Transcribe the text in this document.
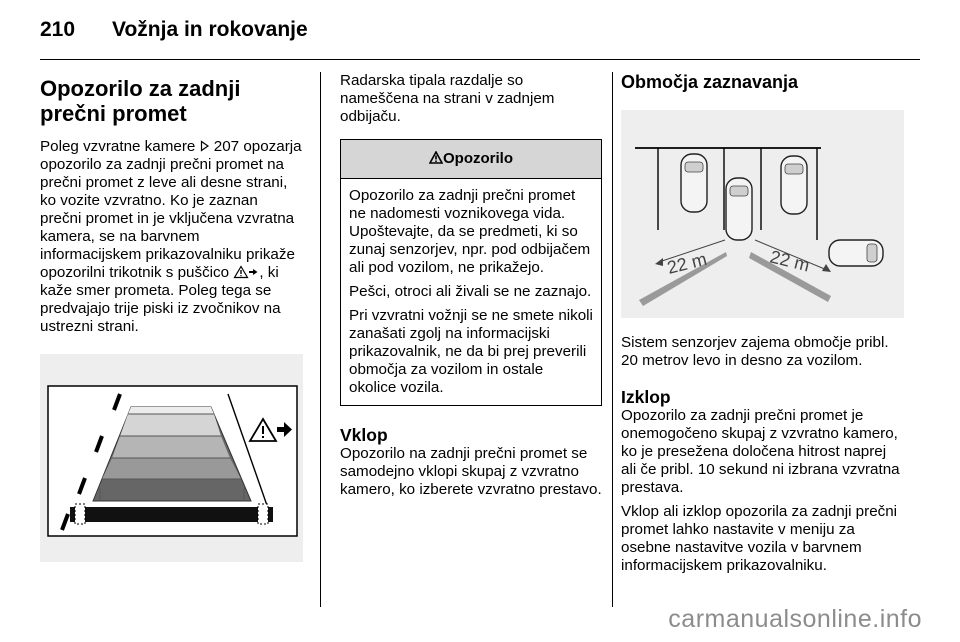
210 Vožnja in rokovanje
Opozorilo za zadnji prečni promet

Poleg vzvratne kamere  207 opozarja opozorilo za zadnji prečni promet na prečni promet z leve ali desne strani, ko vozite vzvratno. Ko je zaznan prečni promet in je vključena vzvratna kamera, se na barvnem informacijskem prikazovalniku prikaže opozorilni trikotnik s puščico , ki kaže smer prometa. Poleg tega se predvajajo trije piski iz zvočnikov na ustrezni strani.

Radarska tipala razdalje so nameščena na strani v zadnjem odbijaču.

Opozorilo

Opozorilo za zadnji prečni promet ne nadomesti voznikovega vida. Upoštevajte, da se predmeti, ki so zunaj senzorjev, npr. pod odbijačem ali pod vozilom, ne prikažejo.

Pešci, otroci ali živali se ne zaznajo.

Pri vzvratni vožnji se ne smete nikoli zanašati zgolj na informacijski prikazovalnik, ne da bi prej preverili območja za vozilom in ostale okolice vozila.

Vklop

Opozorilo na zadnji prečni promet se samodejno vklopi skupaj z vzvratno kamero, ko izberete vzvratno prestavo.

Območja zaznavanja
22 m	22 m

Sistem senzorjev zajema območje pribl. 20 metrov levo in desno za vozilom.

Izklop

Opozorilo za zadnji prečni promet je onemogočeno skupaj z vzvratno kamero, ko je presežena določena hitrost naprej ali če pribl. 10 sekund ni izbrana vzvratna prestava.

Vklop ali izklop opozorila za zadnji prečni promet lahko nastavite v meniju za osebne nastavitve vozila v barvnem informacijskem prikazovalniku.

carmanualsonline.info
